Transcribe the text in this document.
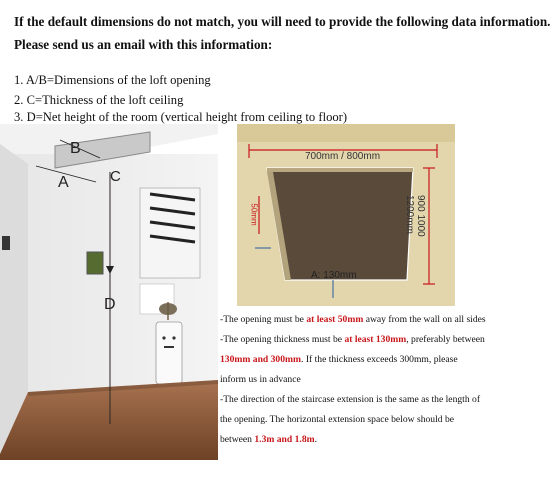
If the default dimensions do not match, you will need to provide the following data information.
Please send us an email with this information:
1. A/B=Dimensions of the loft opening
2. C=Thickness of the loft ceiling
3. D=Net height of the room (vertical height from ceiling to floor)
A
B
C
D
700mm / 800mm
900 1000 1200mm
50mm
A: 130mm
-The opening must be at least 50mm away from the wall on all sides
-The opening thickness must be at least 130mm, preferably between
130mm and 300mm. If the thickness exceeds 300mm, please
inform us in advance
-The direction of the staircase extension is the same as the length of
the opening. The horizontal extension space below should be
between 1.3m and 1.8m.
